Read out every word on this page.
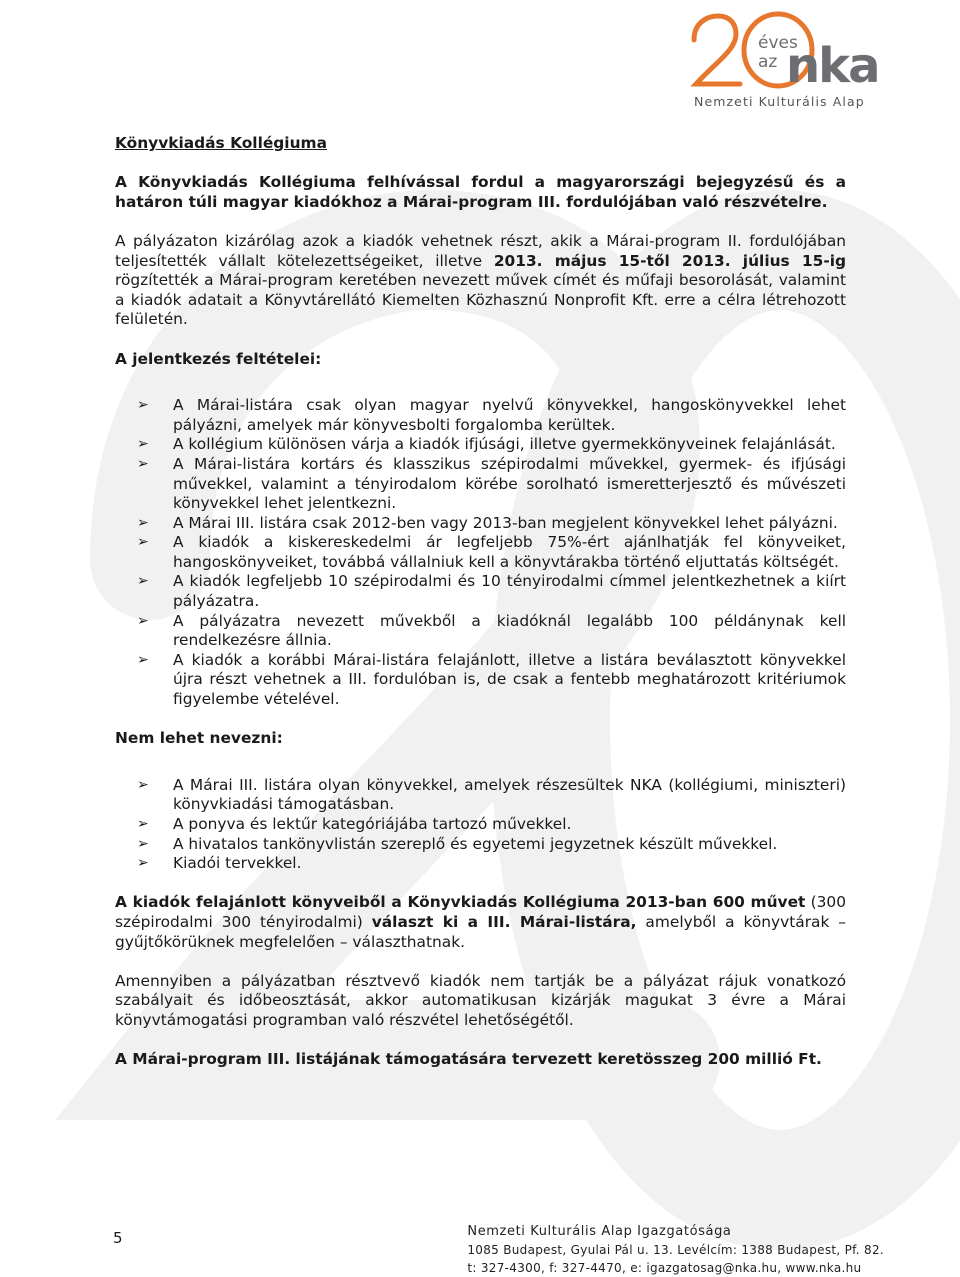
éves
az nka
Nemzeti Kulturális Alap

Könyvkiadás Kollégiuma

A Könyvkiadás Kollégiuma felhívással fordul a magyarországi bejegyzésű és a határon túli magyar kiadókhoz a Márai-program III. fordulójában való részvételre.

A pályázaton kizárólag azok a kiadók vehetnek részt, akik a Márai-program II. fordulójában teljesítették vállalt kötelezettségeiket, illetve 2013. május 15-től 2013. július 15-ig rögzítették a Márai-program keretében nevezett művek címét és műfaji besorolását, valamint a kiadók adatait a Könyvtárellátó Kiemelten Közhasznú Nonprofit Kft. erre a célra létrehozott felületén.

A jelentkezés feltételei:

➢ A Márai-listára csak olyan magyar nyelvű könyvekkel, hangoskönyvekkel lehet pályázni, amelyek már könyvesbolti forgalomba kerültek.
➢ A kollégium különösen várja a kiadók ifjúsági, illetve gyermekkönyveinek felajánlását.
➢ A Márai-listára kortárs és klasszikus szépirodalmi művekkel, gyermek- és ifjúsági művekkel, valamint a tényirodalom körébe sorolható ismeretterjesztő és művészeti könyvekkel lehet jelentkezni.
➢ A Márai III. listára csak 2012-ben vagy 2013-ban megjelent könyvekkel lehet pályázni.
➢ A kiadók a kiskereskedelmi ár legfeljebb 75%-ért ajánlhatják fel könyveiket, hangoskönyveiket, továbbá vállalniuk kell a könyvtárakba történő eljuttatás költségét.
➢ A kiadók legfeljebb 10 szépirodalmi és 10 tényirodalmi címmel jelentkezhetnek a kiírt pályázatra.
➢ A pályázatra nevezett művekből a kiadóknál legalább 100 példánynak kell rendelkezésre állnia.
➢ A kiadók a korábbi Márai-listára felajánlott, illetve a listára beválasztott könyvekkel újra részt vehetnek a III. fordulóban is, de csak a fentebb meghatározott kritériumok figyelembe vételével.

Nem lehet nevezni:

➢ A Márai III. listára olyan könyvekkel, amelyek részesültek NKA (kollégiumi, miniszteri) könyvkiadási támogatásban.
➢ A ponyva és lektűr kategóriájába tartozó művekkel.
➢ A hivatalos tankönyvlistán szereplő és egyetemi jegyzetnek készült művekkel.
➢ Kiadói tervekkel.

A kiadók felajánlott könyveiből a Könyvkiadás Kollégiuma 2013-ban 600 művet (300 szépirodalmi 300 tényirodalmi) választ ki a III. Márai-listára, amelyből a könyvtárak – gyűjtőkörüknek megfelelően – választhatnak.

Amennyiben a pályázatban résztvevő kiadók nem tartják be a pályázat rájuk vonatkozó szabályait és időbeosztását, akkor automatikusan kizárják magukat 3 évre a Márai könyvtámogatási programban való részvétel lehetőségétől.

A Márai-program III. listájának támogatására tervezett keretösszeg 200 millió Ft.

5	Nemzeti Kulturális Alap Igazgatósága
1085 Budapest, Gyulai Pál u. 13. Levélcím: 1388 Budapest, Pf. 82.
t: 327-4300, f: 327-4470, e: igazgatosag@nka.hu, www.nka.hu
